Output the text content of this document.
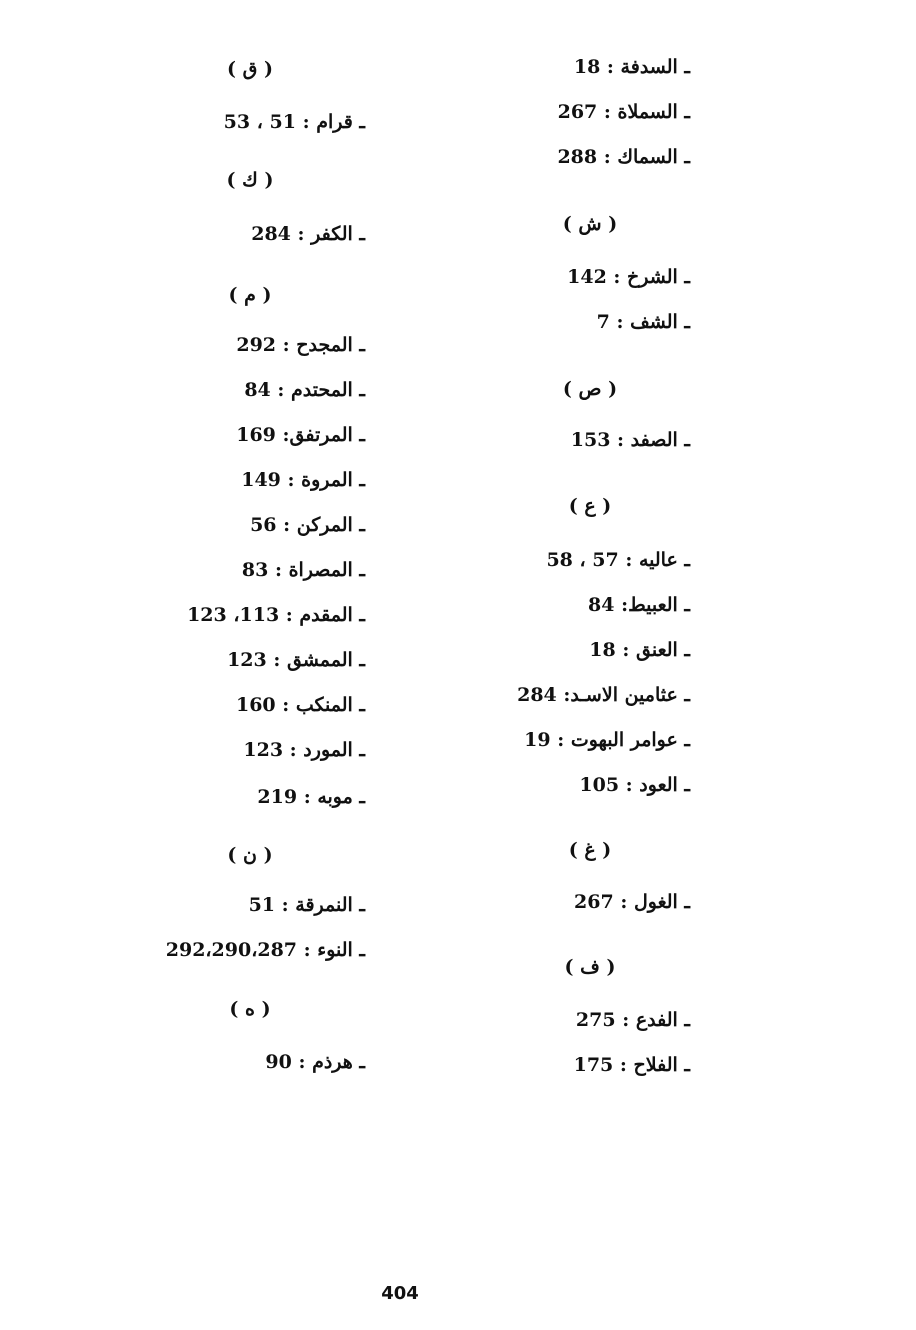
ـ السدفة : 18
ـ السملاة : 267
ـ السماك : 288
( ش )
ـ الشرخ : 142
ـ الشف : 7
( ص )
ـ الصفد : 153
( ع )
ـ عاليه : 57 ، 58
ـ العبيط: 84
ـ العنق : 18
ـ عثامين الاسـد: 284
ـ عوامر البهوت : 19
ـ العود : 105
( غ )
ـ الغول : 267
( ف )
ـ الفدع : 275
ـ الفلاح : 175
( ق )
ـ قرام : 51 ، 53
( ك )
ـ الكفر : 284
( م )
ـ المجدح : 292
ـ المحتدم : 84
ـ المرتفق: 169
ـ المروة : 149
ـ المركن : 56
ـ المصراة : 83
ـ المقدم : 113، 123
ـ الممشق : 123
ـ المنكب : 160
ـ المورد : 123
ـ موبه : 219
( ن )
ـ النمرقة : 51
ـ النوء : 292،290،287
( ه )
ـ هرذم : 90
404
